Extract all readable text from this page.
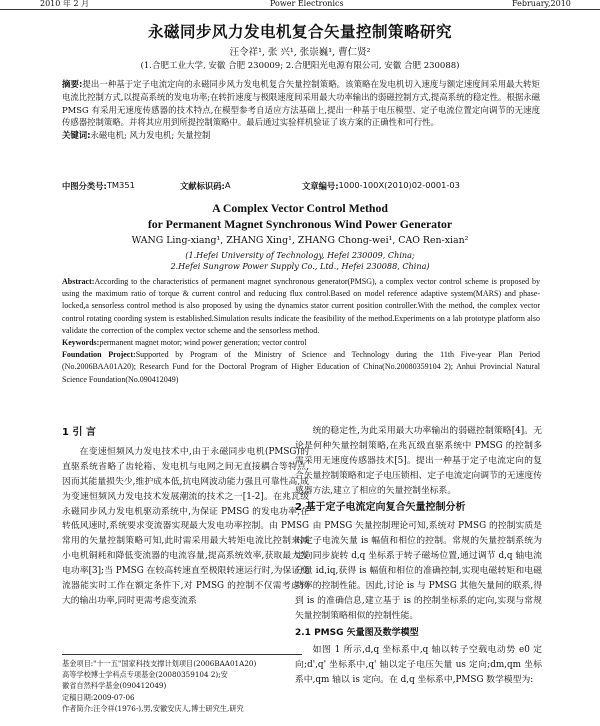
2010 年 2 月	Power Electronics	February,2010
永磁同步风力发电机复合矢量控制策略研究
汪令祥¹, 张 兴¹, 张崇巍¹, 曹仁贤²
(1.合肥工业大学, 安徽 合肥 230009; 2.合肥阳光电源有限公司, 安徽 合肥 230088)
摘要:提出一种基于定子电流定向的永磁同步风力发电机复合矢量控制策略。该策略在发电机切入速度与额定速度间采用最大转矩电流比控制方式,以提高系统的发电功率;在转折速度与极限速度间采用最大功率输出的弱磁控制方式,提高系统的稳定性。根据永磁 PMSG 有采用无速度传感器的技术特点,在模型参考自适应方法基础上,提出一种基于电压模型、定子电流位置定向调节的无速度传感器控制策略。并将其应用到所提控制策略中。最后通过实验样机验证了该方案的正确性和可行性。
关键词:永磁电机; 风力发电机; 矢量控制
中图分类号: TM351	文献标识码: A	文章编号: 1000-100X(2010)02-0001-03
A Complex Vector Control Method
for Permanent Magnet Synchronous Wind Power Generator
WANG Ling-xiang¹, ZHANG Xing¹, ZHANG Chong-wei¹, CAO Ren-xian²
(1.Hefei University of Technology, Hefei 230009, China;
2.Hefei Sungrow Power Supply Co., Ltd., Hefei 230088, China)
Abstract:According to the characteristics of permanent magnet synchronous generator(PMSG), a complex vector control scheme is proposed by using the maximum ratio of torque & current control and reducing flux control.Based on model reference adaptive system(MARS) and phase-locked,a sensorless control method is also proposed by using the dynamics stator current position controller.With the method, the complex vector control rotating coording system is established.Simulation results indicate the feasibility of the method.Experiments on a lab prototype platform also validate the correction of the complex vector scheme and the sensorless method.
Keywords:permanent magnet motor; wind power generation; vector control
Foundation Project:Supported by Program of the Ministry of Science and Technology during the 11th Five-year Plan Period (No.2006BAA01A20); Research Fund for the Doctoral Program of Higher Education of China(No.20080359104 2); Anhui Provincial Natural Science Foundation(No.090412049)
1 引 言

在变速恒频风力发电技术中,由于永磁同步电机(PMSG)的直驱系统省略了齿轮箱、发电机与电网之间无直接耦合等特点,因而其能量损失少,维护成本低,抗电网波动能力强且可靠性高,成为变速恒频风力发电技术发展潮流的技术之一[1-2]。在兆瓦级永磁同步风力发电机驱动系统中,为保证 PMSG 的发电功率,在转低风速时,系统要求变流器实现最大发电功率控制。由 PMSG 常用的矢量控制策略可知,此时需采用最大转矩电流比控制来减小电机铜耗和降低变流器的电流容量,提高系统效率,获取最大发电功率[3];当 PMSG 在较高转速直至极限转速运行时,为保证变流器能实时工作在额定条件下,对 PMSG 的控制不仅需考虑较大的输出功率,同时更需考虑变流系

统的稳定性,为此采用最大功率输出的弱磁控制策略[4]。无论是何种矢量控制策略,在兆瓦级直驱系统中 PMSG 的控制多需采用无速度传感器技术[5]。提出一种基于定子电流定向的复合矢量控制策略和定子电压锁相、定子电流定向调节的无速度传感器方法,建立了相应的矢量控制坐标系。

2 基于定子电流定向复合矢量控制分析

由 PMSG 矢量控制理论可知,系统对 PMSG 的控制实质是对定子电流矢量 is 幅值和相位的控制。常规的矢量控制系统为定向同步旋转 d,q 坐标系于转子磁场位置,通过调节 d,q 轴电流分量 id,iq,获得 is 幅值和相位的准确控制,实现电磁转矩和电磁功率的控制性能。因此,讨论 is 与 PMSG 其他矢量间的联系,得到 is 的准确信息,建立基于 is 的控制坐标系的定向,实现与常规矢量控制策略相似的控制性能。

2.1 PMSG 矢量图及数学模型

如图 1 所示,d,q 坐标系中,q 轴以转子空载电动势 e0 定向;d',q' 坐标系中,q' 轴以定子电压矢量 us 定向;dm,qm 坐标系中,qm 轴以 is 定向。在 d,q 坐标系中,PMSG 数学模型为:

基金项目:"十一五"国家科技支撑计划项目(2006BAA01A20)
高等学校博士学科点专项基金(20080359104 2);安
徽省自然科学基金(090412049)
定稿日期:2009-07-06
作者简介:汪令祥(1976-),男,安徽安庆人,博士研究生,研究
